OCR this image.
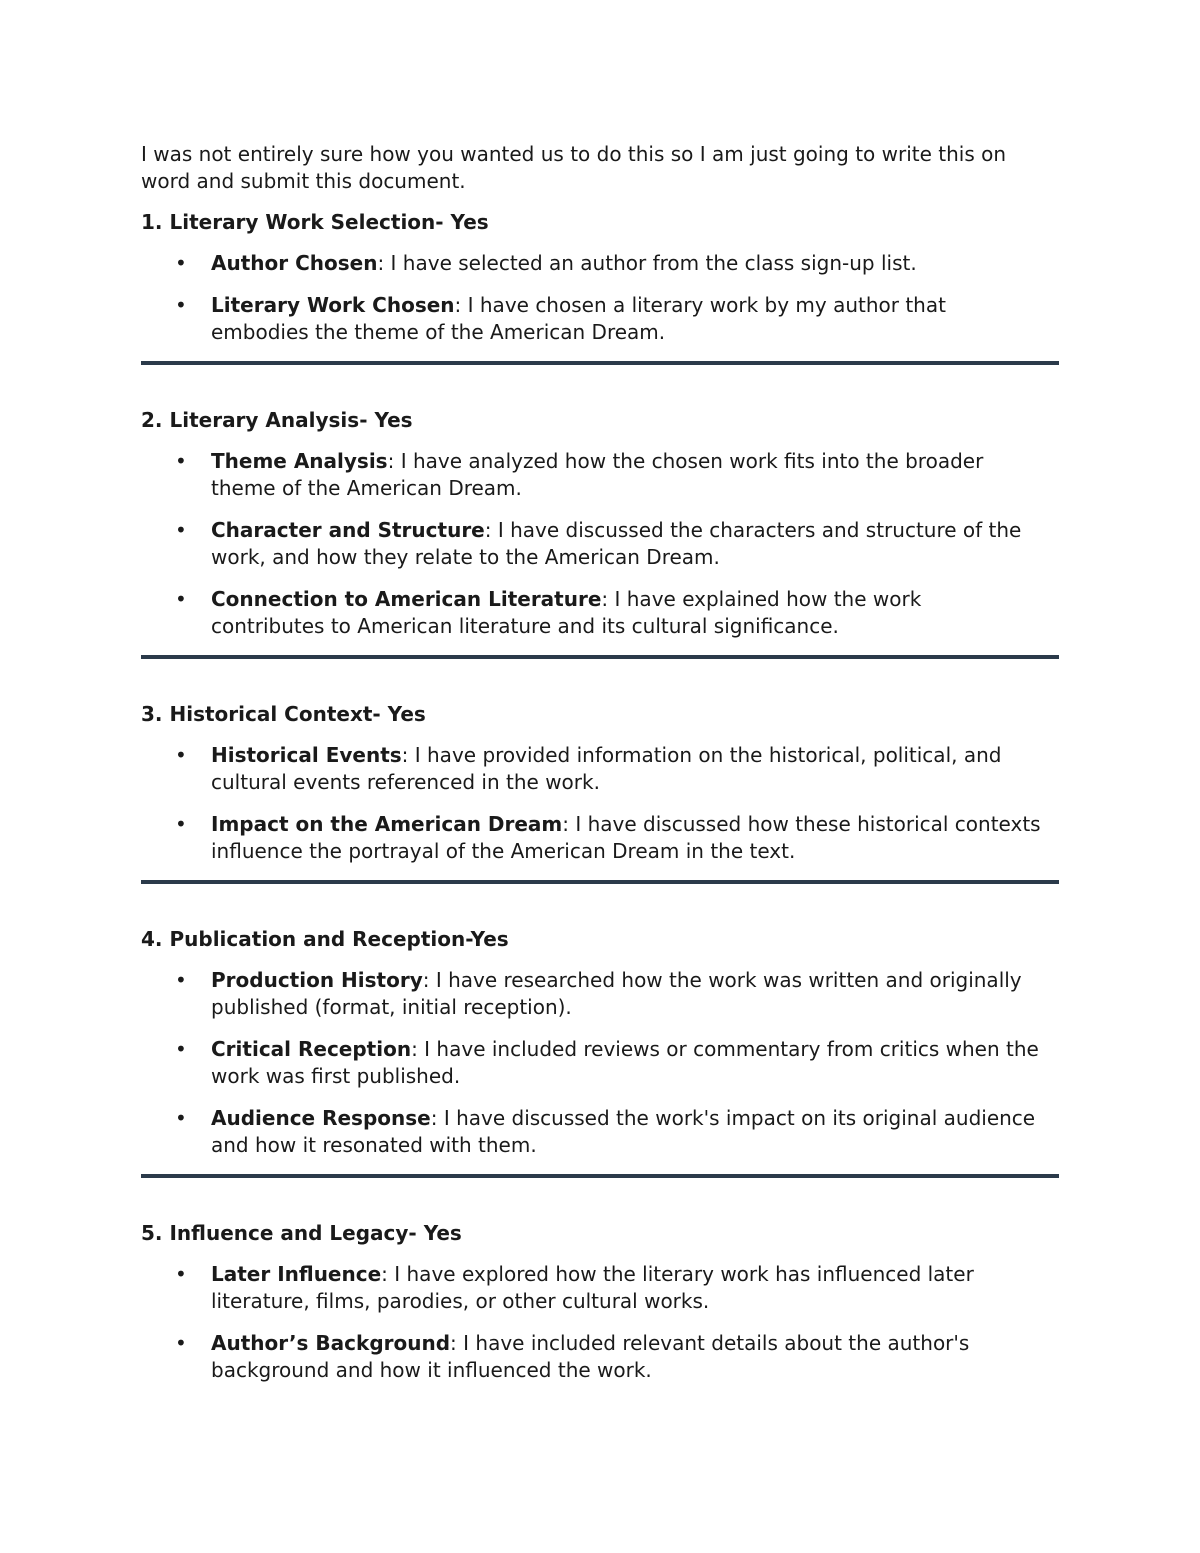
I was not entirely sure how you wanted us to do this so I am just going to write this on word and submit this document.

1. Literary Work Selection- Yes
• Author Chosen: I have selected an author from the class sign-up list.
• Literary Work Chosen: I have chosen a literary work by my author that embodies the theme of the American Dream.
2. Literary Analysis- Yes
• Theme Analysis: I have analyzed how the chosen work fits into the broader theme of the American Dream.
• Character and Structure: I have discussed the characters and structure of the work, and how they relate to the American Dream.
• Connection to American Literature: I have explained how the work contributes to American literature and its cultural significance.
3. Historical Context- Yes
• Historical Events: I have provided information on the historical, political, and cultural events referenced in the work.
• Impact on the American Dream: I have discussed how these historical contexts influence the portrayal of the American Dream in the text.
4. Publication and Reception-Yes
• Production History: I have researched how the work was written and originally published (format, initial reception).
• Critical Reception: I have included reviews or commentary from critics when the work was first published.
• Audience Response: I have discussed the work's impact on its original audience and how it resonated with them.
5. Influence and Legacy- Yes
• Later Influence: I have explored how the literary work has influenced later literature, films, parodies, or other cultural works.
• Author’s Background: I have included relevant details about the author's background and how it influenced the work.
